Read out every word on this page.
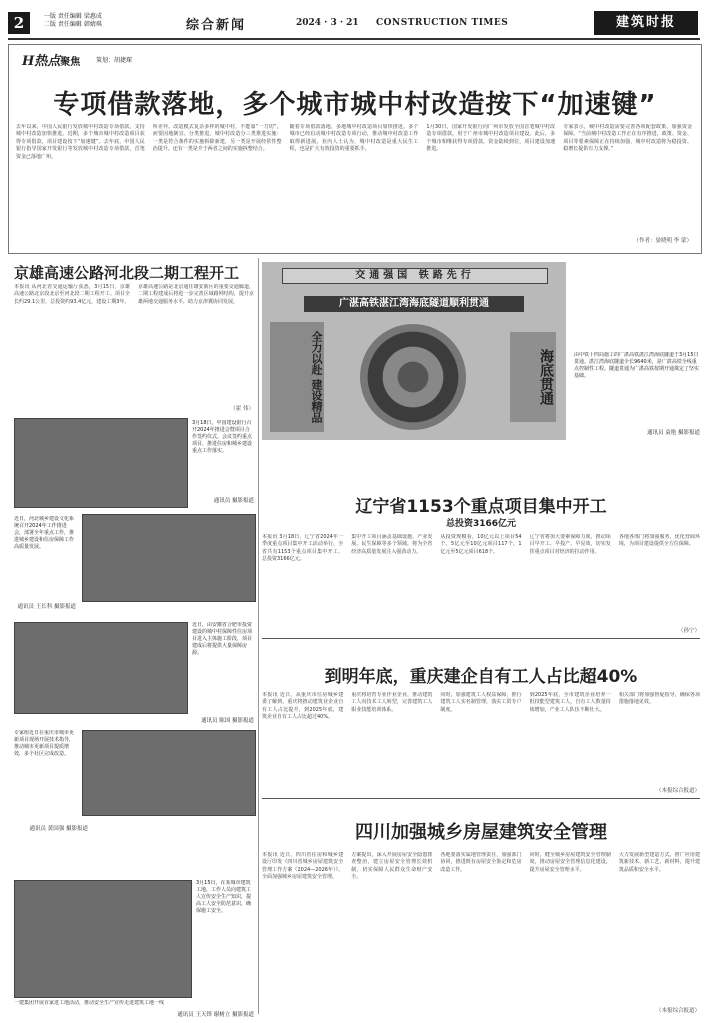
2	一版 责任编辑 梁惠成
二版 责任编辑 韩婧琪	综合新闻	2024 · 3 · 21 CONSTRUCTION TIMES	建筑时报
H热点聚焦	策划：胡捷琛
专项借款落地，多个城市城中村改造按下“加速键”
去年以来，中国人民银行发放城中村改造专项借款，支持城中村改造加快推进。近期，多个城市城中村改造项目获得专项借款，项目建设按下“加速键”。去年底，中国人民银行指导国家开发银行等发放城中村改造专项借款，首笔资金已落地广州。
所差异。改造模式复杂多样的城中村，不能靠“一刀切”，而要因地制宜、分类推进。城中村改造分三类推进实施：一类是符合条件的实施拆除新建，另一类是开展经常性整治提升。还有一类是介于两者之间的实施拆整结合。
随着专项借款落地，多地城中村改造项目加快推进。多个城市已经启动城中村改造专项行动，推动城中村改造工作取得新进展。业内人士认为，城中村改造是重大民生工程，也是扩大有效投资的重要抓手。
1月30日，国家开发银行向广州市发放全国首笔城中村改造专项借款，用于广州市城中村改造项目建设。此后，多个城市相继获得专项借款，资金陆续到位，项目建设加速推进。
专家表示，城中村改造需要完善各项配套政策，加强资金保障。“当前城中村改造工作正在有序推进，政策、资金、项目等要素保障正在持续加强，城中村改造将为稳投资、稳增长提供有力支撑。”
（作者：晏晓明 李 蒙）
京雄高速公路河北段二期工程开工
本报讯 从河北省交通运输厅获悉，3月15日，京雄高速公路北京段北京至河北段二期工程开工。项目全长约29.1公里，总投资约93.4亿元，建设工期3年。
京雄高速公路是北京通往雄安新区的重要交通廊道，二期工程建成后将进一步完善区域路网结构，提升京雄两地交通服务水平，助力京津冀协同发展。
（霍 伟）
3月18日，中国建设银行召开2024年推进会暨项目合作签约仪式。会议签约重点项目，推进住房和城乡建设重点工作落实。
通讯员 摄影报道
近日，河北城乡建设文化系统召开2024年工作推进会，部署全年重点工作，推进城乡建设和住房保障工作高质量发展。
通讯员 王长科 摄影报道
近日，由安徽省合肥市投资建设的城中村保障性住房项目进入主体施工阶段，项目建成后将提供大量保障房源。
通讯员 陈国 摄影报道
专家组近日在重庆市城市更新项目现场开展技术指导，推动城市更新项目提质增效，多个社区完成改造。
通讯员 黄国强 摄影报道
3月15日，在某城市建筑工地，工作人员向建筑工人宣传安全生产知识，提高工人安全防范意识，确保施工安全。
一建集团开展百家进工地活动，推动安全生产宣传走进建筑工地一线
通讯员 王天铎 谢树立 摄影报道
交通强国 铁路先行
广湛高铁湛江湾海底隧道顺利贯通
全力以赴 建设精品	海底贯通	由中铁十四局施工的广湛高铁湛江湾海底隧道于3月15日贯通。湛江湾海底隧道全长9640米，是广湛高铁全线重点控制性工程。隧道贯通为广湛高铁按期开通奠定了坚实基础。
通讯员 袁艳 摄影报道
辽宁省1153个重点项目集中开工
总投资3166亿元
本报讯 3月18日，辽宁省2024年一季度重点项目集中开工活动举行，全省共有1153个重点项目集中开工，总投资3166亿元。
集中开工项目涵盖基础设施、产业发展、民生保障等多个领域，将为全省经济高质量发展注入强劲动力。
从投资规模看，10亿元以上项目54个，5亿元至10亿元项目117个，1亿元至5亿元项目618个。
辽宁省将加大要素保障力度，推动项目早开工、早投产、早见效，切实发挥重点项目对经济的拉动作用。
各地各部门将加强服务，优化营商环境，为项目建设提供全方位保障。
（孙宁）
到明年底，重庆建企自有工人占比超40%
本报讯 近日，从重庆市住房城乡建委了解到，重庆将推动建筑业企业自有工人占比提升，到2025年底，建筑企业自有工人占比超过40%。
重庆将培育专业作业企业，推动建筑工人向技术工人转型，完善建筑工人职业技能培训体系。
同时，加强建筑工人权益保障，推行建筑工人实名制管理，落实工资专户制度。
到2025年底，全市建筑企业培养一批技能型建筑工人，自有工人数量持续增加，产业工人队伍不断壮大。
相关部门将加强督促指导，确保各项措施落地见效。
（本报综合报道）
四川加强城乡房屋建筑安全管理
本报讯 近日，四川省住房和城乡建设厅印发《四川省城乡房屋建筑安全管理工作方案（2024—2026年）》，全面加强城乡房屋建筑安全管理。
方案提出，深入开展房屋安全隐患排查整治，建立房屋安全管理长效机制，切实保障人民群众生命财产安全。
各地要落实属地管理责任，加强部门协同，推进既有房屋安全鉴定和危房改造工作。
同时，健全城乡房屋建筑安全管理制度，推动房屋安全管理信息化建设，提升房屋安全管理水平。
大力发展新型建造方式，推广应用建筑新技术、新工艺、新材料，提升建筑品质和安全水平。
（本报综合报道）
